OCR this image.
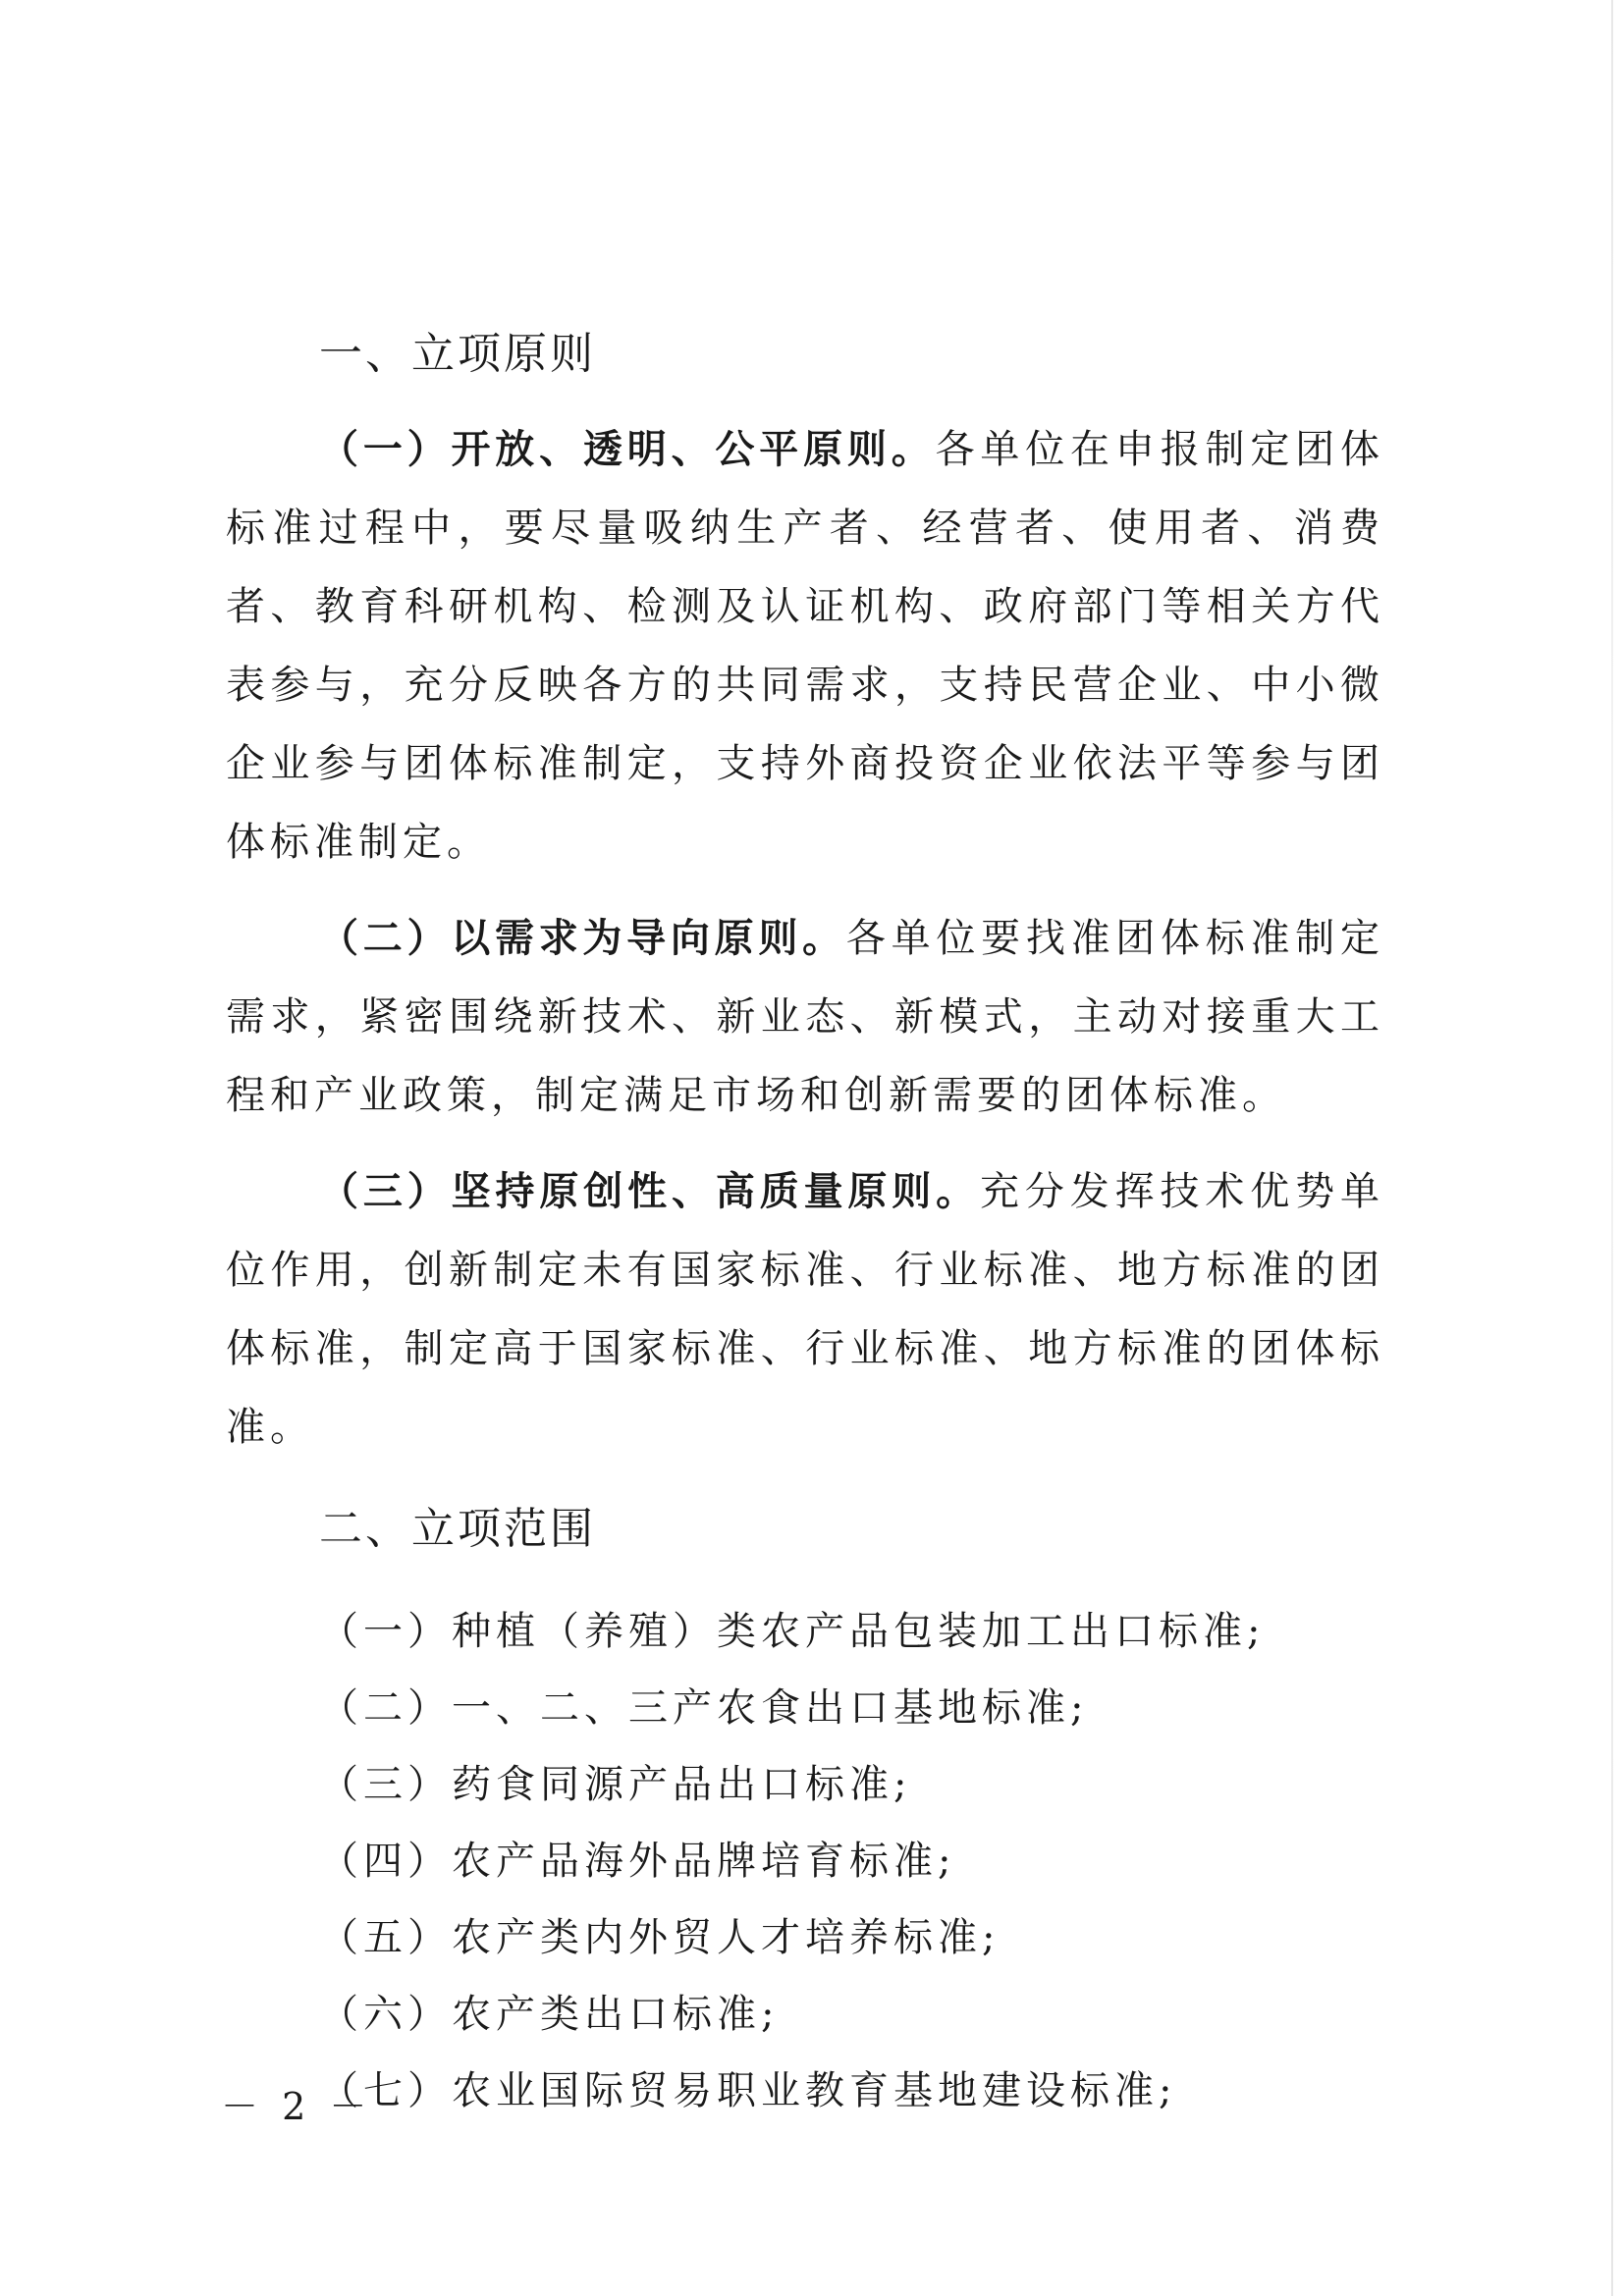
一、立项原则

（一）开放、透明、公平原则。各单位在申报制定团体标准过程中，要尽量吸纳生产者、经营者、使用者、消费者、教育科研机构、检测及认证机构、政府部门等相关方代表参与，充分反映各方的共同需求，支持民营企业、中小微企业参与团体标准制定，支持外商投资企业依法平等参与团体标准制定。

（二）以需求为导向原则。各单位要找准团体标准制定需求，紧密围绕新技术、新业态、新模式，主动对接重大工程和产业政策，制定满足市场和创新需要的团体标准。

（三）坚持原创性、高质量原则。充分发挥技术优势单位作用，创新制定未有国家标准、行业标准、地方标准的团体标准，制定高于国家标准、行业标准、地方标准的团体标准。

二、立项范围
（一）种植（养殖）类农产品包装加工出口标准;
（二）一、二、三产农食出口基地标准;
（三）药食同源产品出口标准;
（四）农产品海外品牌培育标准;
（五）农产类内外贸人才培养标准;
（六）农产类出口标准;
（七）农业国际贸易职业教育基地建设标准;
－ 2 －
